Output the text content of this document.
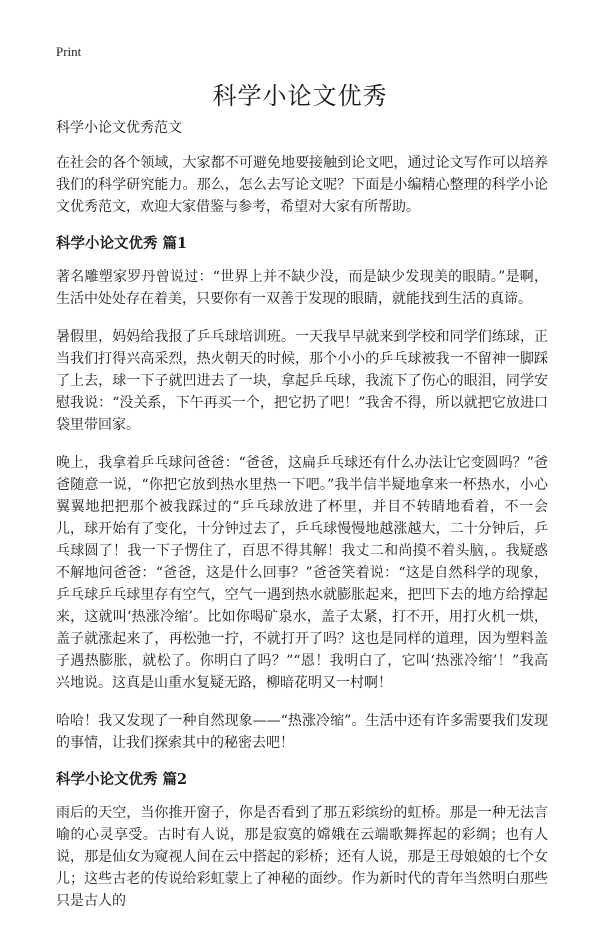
Print
科学小论文优秀

科学小论文优秀范文

在社会的各个领域，大家都不可避免地要接触到论文吧，通过论文写作可以培养我们的科学研究能力。那么，怎么去写论文呢？下面是小编精心整理的科学小论文优秀范文，欢迎大家借鉴与参考，希望对大家有所帮助。

科学小论文优秀 篇1

著名雕塑家罗丹曾说过：“世界上并不缺少没，而是缺少发现美的眼睛。”是啊，生活中处处存在着美，只要你有一双善于发现的眼睛，就能找到生活的真谛。

暑假里，妈妈给我报了乒乓球培训班。一天我早早就来到学校和同学们练球，正当我们打得兴高采烈，热火朝天的时候，那个小小的乒乓球被我一不留神一脚踩了上去，球一下子就凹进去了一块，拿起乒乓球，我流下了伤心的眼泪，同学安慰我说：“没关系，下午再买一个，把它扔了吧！”我舍不得，所以就把它放进口袋里带回家。

晚上，我拿着乒乓球问爸爸：“爸爸，这扁乒乓球还有什么办法让它变圆吗？”爸爸随意一说，“你把它放到热水里热一下吧。”我半信半疑地拿来一杯热水，小心翼翼地把把那个被我踩过的“乒乓球放进了杯里，并目不转睛地看着，不一会儿，球开始有了变化，十分钟过去了，乒乓球慢慢地越涨越大，二十分钟后，乒乓球圆了！我一下子愣住了，百思不得其解！我丈二和尚摸不着头脑，。我疑惑不解地问爸爸：“爸爸，这是什么回事？”爸爸笑着说：“这是自然科学的现象，乒乓球乒乓球里存有空气，空气一遇到热水就膨胀起来，把凹下去的地方给撑起来，这就叫‘热涨冷缩’。比如你喝矿泉水，盖子太紧，打不开，用打火机一烘，盖子就涨起来了，再松弛一拧，不就打开了吗？这也是同样的道理，因为塑料盖子遇热膨胀，就松了。你明白了吗？”“恩！我明白了，它叫‘热涨冷缩’！”我高兴地说。这真是山重水复疑无路，柳暗花明又一村啊！

哈哈！我又发现了一种自然现象——“热涨冷缩”。生活中还有许多需要我们发现的事情，让我们探索其中的秘密去吧！

科学小论文优秀 篇2

雨后的天空，当你推开窗子，你是否看到了那五彩缤纷的虹桥。那是一种无法言喻的心灵享受。古时有人说，那是寂寞的嫦娥在云端歌舞挥起的彩绸；也有人说，那是仙女为窥视人间在云中搭起的彩桥；还有人说，那是王母娘娘的七个女儿；这些古老的传说给彩虹蒙上了神秘的面纱。作为新时代的青年当然明白那些只是古人的
